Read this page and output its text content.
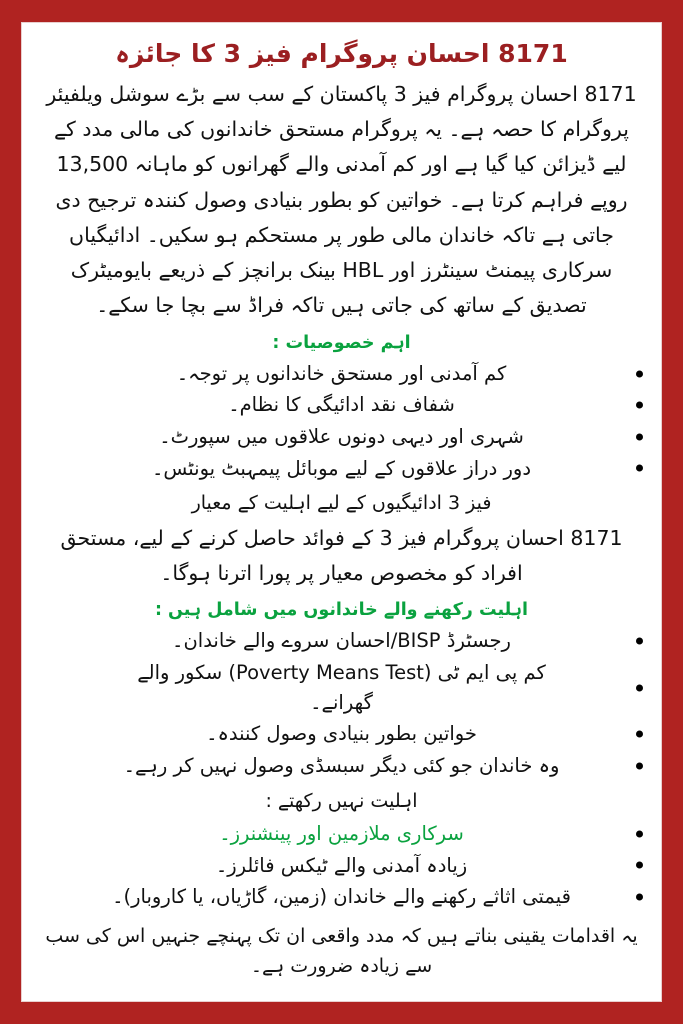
8171 احسان پروگرام فیز 3 کا جائزہ

8171 احسان پروگرام فیز 3 پاکستان کے سب سے بڑے سوشل ویلفیئر پروگرام کا حصہ ہے۔ یہ پروگرام مستحق خاندانوں کی مالی مدد کے لیے ڈیزائن کیا گیا ہے اور کم آمدنی والے گھرانوں کو ماہانہ 13,500 روپے فراہم کرتا ہے۔ خواتین کو بطور بنیادی وصول کنندہ ترجیح دی جاتی ہے تاکہ خاندان مالی طور پر مستحکم ہو سکیں۔ ادائیگیاں سرکاری پیمنٹ سینٹرز اور HBL بینک برانچز کے ذریعے بایومیٹرک تصدیق کے ساتھ کی جاتی ہیں تاکہ فراڈ سے بچا جا سکے۔

اہم خصوصیات :
کم آمدنی اور مستحق خاندانوں پر توجہ۔
شفاف نقد ادائیگی کا نظام۔
شہری اور دیہی دونوں علاقوں میں سپورٹ۔
دور دراز علاقوں کے لیے موبائل پیمہبٹ یونٹس۔
فیز 3 ادائیگیوں کے لیے اہلیت کے معیار

8171 احسان پروگرام فیز 3 کے فوائد حاصل کرنے کے لیے، مستحق افراد کو مخصوص معیار پر پورا اترنا ہوگا۔

اہلیت رکھنے والے خاندانوں میں شامل ہیں :
رجسٹرڈ BISP/احسان سروے والے خاندان۔
کم پی ایم ٹی (Poverty Means Test) سکور والے گھرانے۔
خواتین بطور بنیادی وصول کنندہ۔
وہ خاندان جو کئی دیگر سبسڈی وصول نہیں کر رہے۔
اہلیت نہیں رکھتے :
سرکاری ملازمین اور پینشنرز۔
زیادہ آمدنی والے ٹیکس فائلرز۔
قیمتی اثاثے رکھنے والے خاندان (زمین، گاڑیاں، یا کاروبار)۔

یہ اقدامات یقینی بناتے ہیں کہ مدد واقعی ان تک پہنچے جنہیں اس کی سب سے زیادہ ضرورت ہے۔
